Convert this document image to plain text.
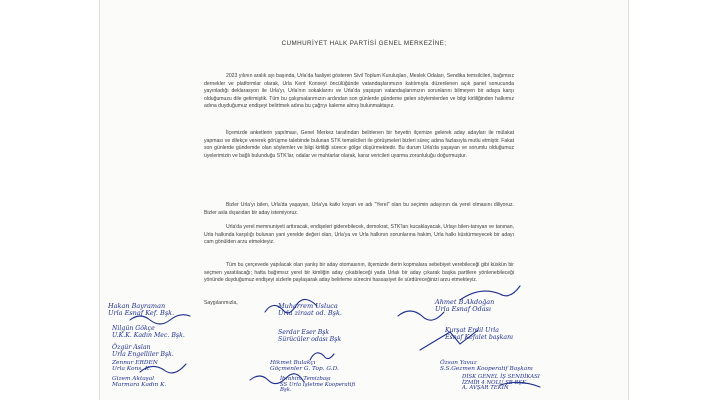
CUMHURİYET HALK PARTİSİ GENEL MERKEZİNE;
2023 yılının aralık ayı başında, Urla'da faaliyet gösteren Sivil Toplum Kuruluşları, Meslek Odaları, Sendika temsilcileri, bağımsız dernekler ve platformlar olarak, Urla Kent Konseyi öncülüğünde vatandaşlarımızın katılımıyla düzenlenen açık panel sonucunda yayınladığı deklarasyon ile Urla'yı, Urla'nın sokaklarını ve Urla'da yaşayan vatandaşlarımızın sorunlarını bilmeyen bir adaya karşı olduğumuzu dile getirmiştik. Tüm bu çalışmalarımızın ardından son günlerde gündeme gelen söylemlerden ve bilgi kirliliğinden halkımız adına duyduğumuz endişeyi belirtmek adına bu çağrıyı kaleme almış bulunmaktayız.
İlçemizde anketlerin yapılması, Genel Merkez tarafından belirlenen bir heyetin ilçemize gelerek aday adayları ile mülakat yapması ve dilekçe vererek görüşme talebinde bulunan STK temsilcileri ile görüşmeleri bizleri süreç adına fazlasıyla mutlu etmiştir. Fakat son günlerde gündemde olan söylemler ve bilgi kirliliği sürece gölge düşürmektedir. Bu durum Urla'da yaşayan ve sorumlu olduğumuz üyelerimizin ve bağlı bulunduğu STK'lar, odalar ve muhtarlar olarak, karar vericileri uyarma zorunluluğu doğurmuştur.
Bizler Urla'yı bilen, Urla'da yaşayan, Urla'ya katkı koyan ve adı "Yerel" olan bu seçimin adayının da yerel olmasını diliyoruz. Bizler asla dışarıdan bir aday istemiyoruz.
Urla'da yerel memnuniyeti arttıracak, endişeleri giderebilecek, demokrat, STK'ları kucaklayacak, Urlayı bilen-tanıyan ve tanınan, Urla halkında karşılığı bulunan yani yerelde değeri olan, Urla'ya ve Urla halkının sorunlarına hakim, Urla halkı küstürmeyecek bir adayı cam gönülden arzu etmekteyiz.
Tüm bu çerçevede yapılacak olan yanlış bir aday otomasının, ilçemizde derin kopmalara sebebiyet verebileceği gibi küskün bir seçmen yaratılacağı; hatta bağımsız yerel bir kimliğin aday çıkabileceği yada Urlalı bir aday çıkarak başka partilere yönlenebileceği yönünde duyduğumuz endişeyi sizlerle paylaşarak aday belirleme sürecini hassasiyet ile sürdüreceğinizi arzu etmekteyiz.
Saygılarımızla,
Hakan Bayraman
Urla Esnaf Kef. Bşk.
Muharrem Usluca
Urla ziraat od. Bşk.
Ahmet B.Akdoğan
Urla Esnaf Odası
Nilgün Gökçe
U.K.K. Kadın Mec. Bşk.
Özgür Aslan
Urla Engelliler Bşk.
Serdar Eser Bşk
Sürücüler odası Bşk
Kurşat Erdil Urla
Esnaf Kefalet başkanı
Zennur ERDEN
Urla Kons. K.
Hikmet Bulakçı
Göçmenler G. Top. G.D.
Özsan Yavuz
S.S.Gezmen Kooperatif Başkanı
Gizem Aktaşal
Marmara Kadın K.
İbrahim Temizbaşı
SS Urla İşletme Kooperatifi
Bşk.
DİSK GENEL İŞ SENDİKASI
İZMİR 4 NOLU ŞB BŞK.
A. AVŞAR TEKİN
